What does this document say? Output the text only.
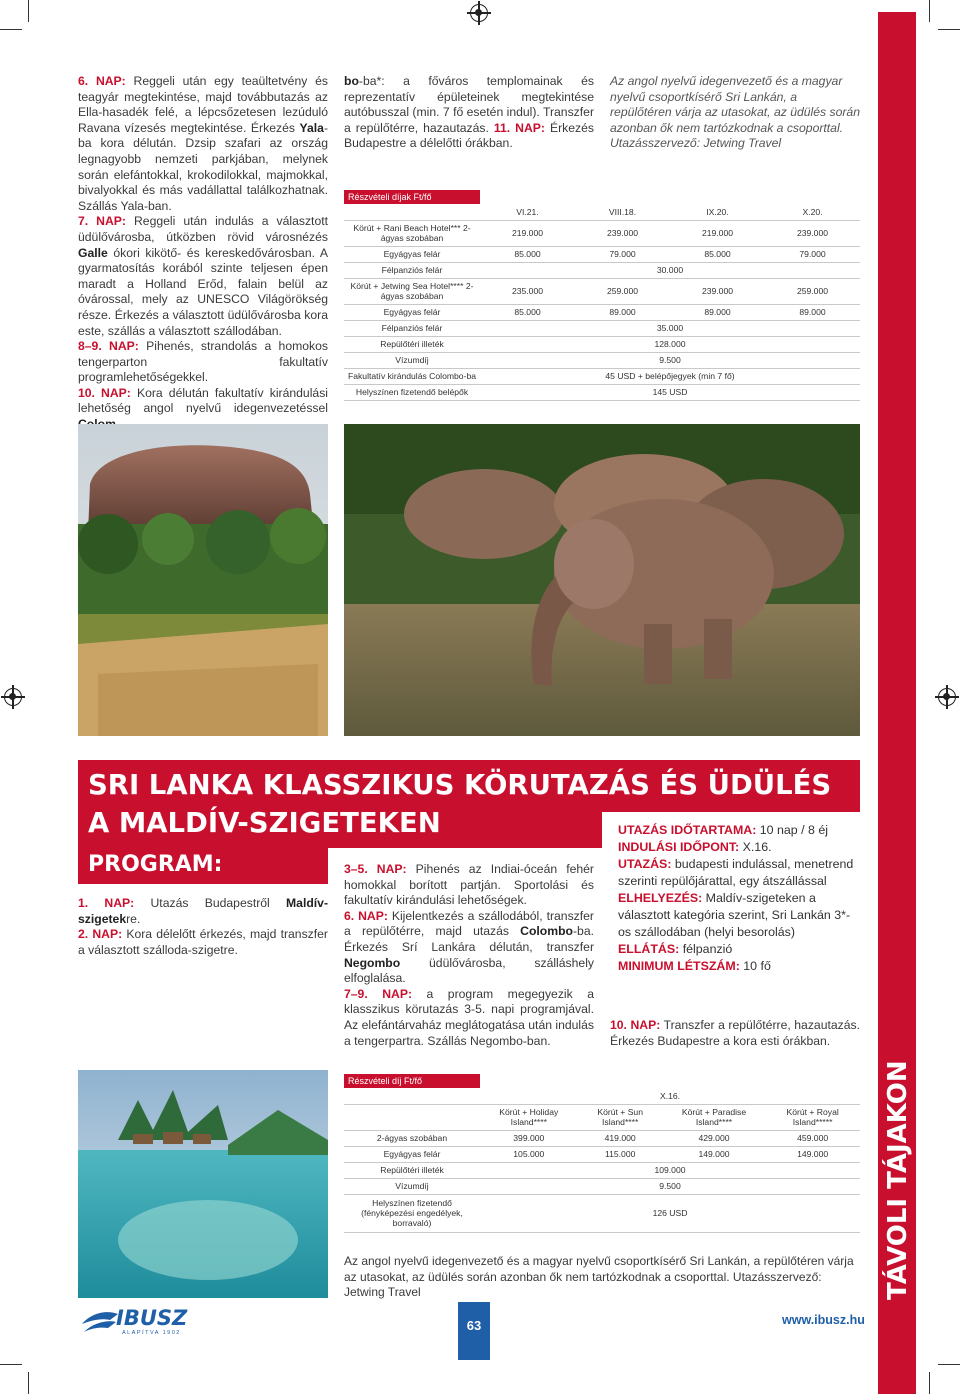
TÁVOLI TÁJAKON

6. NAP: Reggeli után egy teaültetvény és teagyár megtekintése, majd továbbutazás az Ella-hasadék felé, a lépcsőzetesen lezúduló Ravana vízesés megtekintése. Érkezés Yala-ba kora délután. Dzsip szafari az ország legnagyobb nemzeti parkjában, melynek során elefántokkal, krokodilokkal, majmokkal, bivalyokkal és más vadállattal találkozhatnak. Szállás Yala-ban.

7. NAP: Reggeli után indulás a választott üdülővárosba, útközben rövid városnézés Galle ókori kikötő- és kereskedővárosban. A gyarmatosítás korából szinte teljesen épen maradt a Holland Erőd, falain belül az óvárossal, mely az UNESCO Világörökség része. Érkezés a választott üdülővárosba kora este, szállás a választott szállodában.

8–9. NAP: Pihenés, strandolás a homokos tengerparton fakultatív programlehetőségekkel.

10. NAP: Kora délután fakultatív kirándulási lehetőség angol nyelvű idegenvezetéssel

bo-ba*: a főváros templomainak és reprezentatív épületeinek megtekintése autóbusszal (min. 7 fő esetén indul). Transzfer a repülőtérre, hazautazás. 11. NAP: Érkezés Budapestre a délelőtti órákban.

Az angol nyelvű idegenvezető és a magyar nyelvű csoportkísérő Sri Lankán, a repülőtéren várja az utasokat, az üdülés során azonban ők nem tartózkodnak a csoporttal. Utazásszervező: Jetwing Travel

Részvételi díjak Ft/fő
	VI.21.	VIII.18.	IX.20.	X.20.
Körút + Rani Beach Hotel*** 2-ágyas szobában	219.000	239.000	219.000	239.000
Egyágyas felár	85.000	79.000	85.000	79.000
Félpanziós felár	30.000			
Körút + Jetwing Sea Hotel**** 2-ágyas szobában	235.000	259.000	239.000	259.000
Egyágyas felár	85.000	89.000	89.000	89.000
Félpanziós felár	35.000			
Repülőtéri illeték	128.000			
Vízumdíj	9.500			
Fakultatív kirándulás Colombo-ba	45 USD + belépőjegyek (min 7 fő)			
Helyszínen fizetendő belépők	145 USD			
SRI LANKA KLASSZIKUS KÖRUTAZÁS ÉS ÜDÜLÉS
A MALDÍV-SZIGETEKEN
PROGRAM:

1. NAP: Utazás Budapestről Maldív-szigetekre.

2. NAP: Kora délelőtt érkezés, majd transzfer a választott szálloda-szigetre.

3–5. NAP: Pihenés az Indiai-óceán fehér homokkal borított partján. Sportolási és fakultatív kirándulási lehetőségek.

6. NAP: Kijelentkezés a szállodából, transzfer a repülőtérre, majd utazás Colombo-ba. Érkezés Srí Lankára délután, transzfer Negombo üdülővárosba, szálláshely elfoglalása.

7–9. NAP: a program megegyezik a klasszikus körutazás 3-5. napi programjával. Az elefántárvaház meglátogatása után indulás a tengerpartra. Szállás Negombo-ban.

UTAZÁS IDŐTARTAMA: 10 nap / 8 éj

INDULÁSI IDŐPONT: X.16.

UTAZÁS: budapesti indulással, menetrend szerinti repülőjárattal, egy átszállással

ELHELYEZÉS: Maldív-szigeteken a választott kategória szerint, Sri Lankán 3*-os szállodában (helyi besorolás)

ELLÁTÁS: félpanzió

MINIMUM LÉTSZÁM: 10 fő

10. NAP: Transzfer a repülőtérre, hazautazás. Érkezés Budapestre a kora esti órákban.

Részvételi díj Ft/fő
	X.16.			
	Körút + Holiday Island****	Körút + Sun Island****	Körút + Paradise Island****	Körút + Royal Island*****
2-ágyas szobában	399.000	419.000	429.000	459.000
Egyágyas felár	105.000	115.000	149.000	149.000
Repülőtéri illeték	109.000			
Vízumdíj	9.500			
Helyszínen fizetendő (fényképezési engedélyek, borravaló)	126 USD			

Az angol nyelvű idegenvezető és a magyar nyelvű csoportkísérő Sri Lankán, a repülőtéren várja az utasokat, az üdülés során azonban ők nem tartózkodnak a csoporttal. Utazásszervező: Jetwing Travel

IBUSZ
ALAPÍTVA 1902	63	www.ibusz.hu
